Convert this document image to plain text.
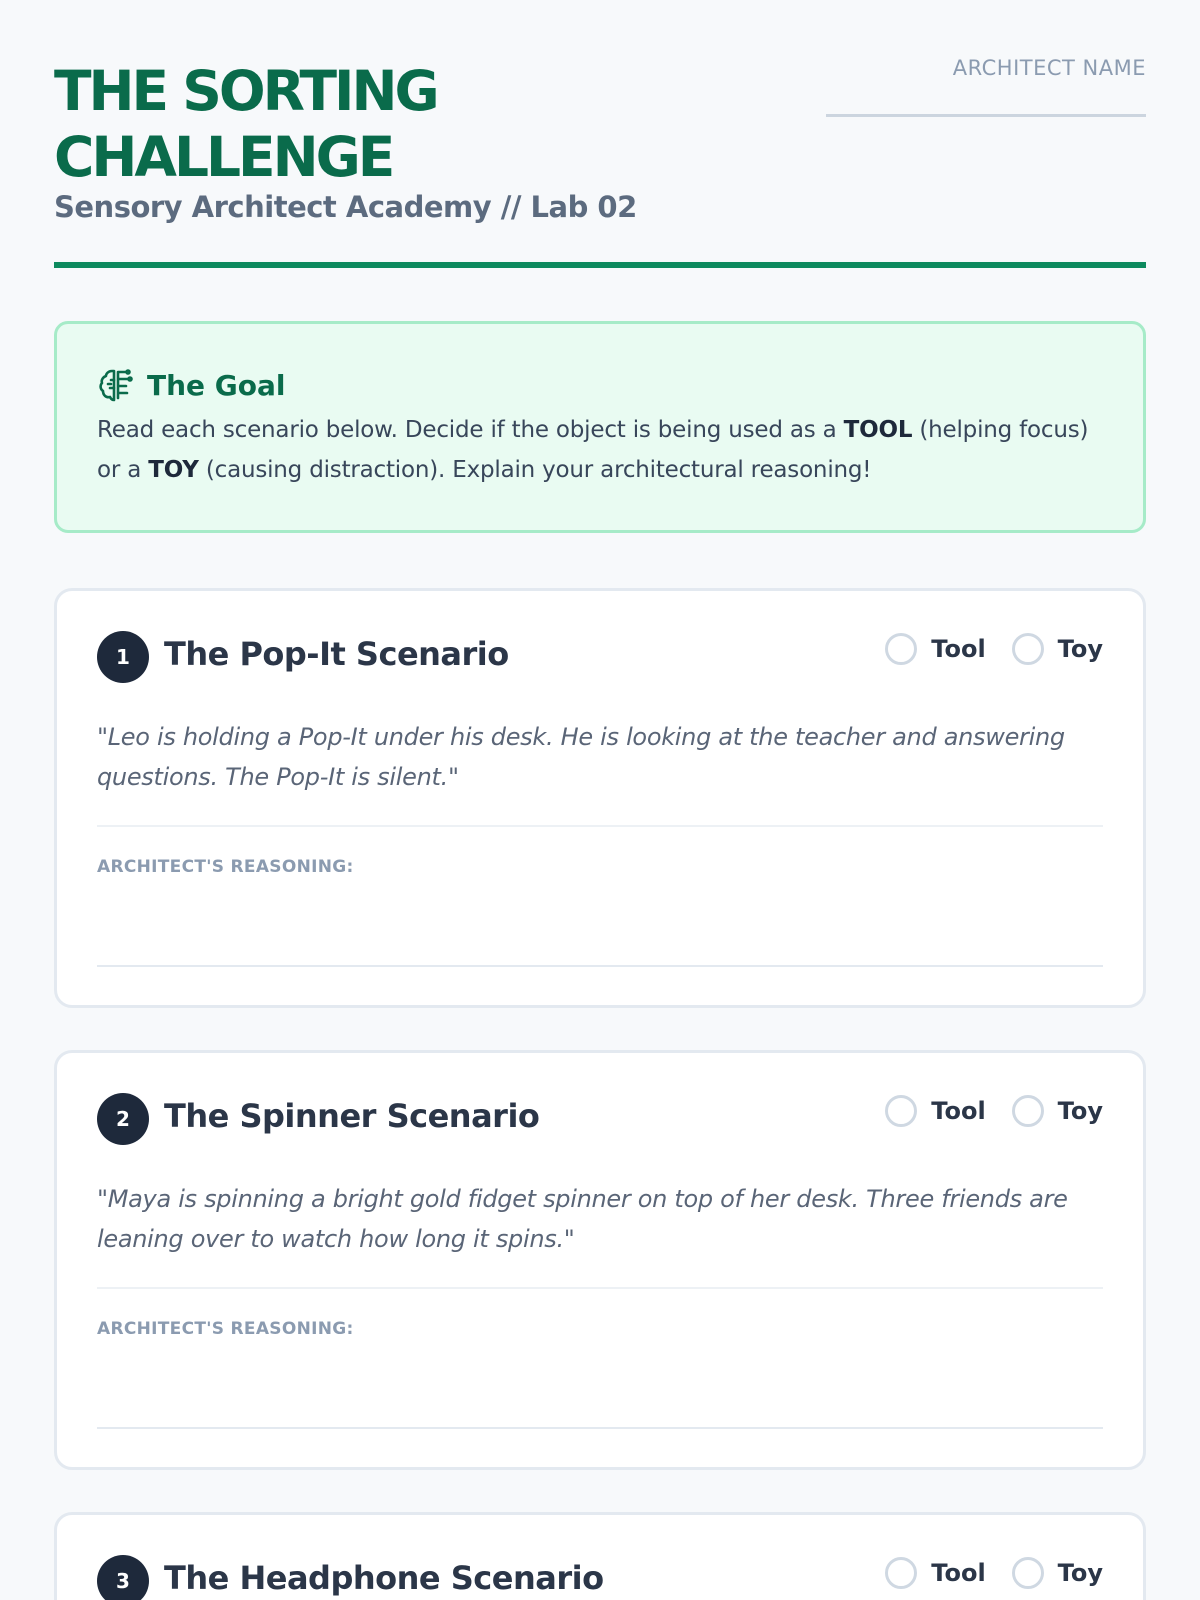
THE SORTING
CHALLENGE
Sensory Architect Academy // Lab 02
ARCHITECT NAME
The Goal
Read each scenario below. Decide if the object is being used as a TOOL (helping focus) or a TOY (causing distraction). Explain your architectural reasoning!
1	The Pop-It Scenario	Tool	Toy
"Leo is holding a Pop-It under his desk. He is looking at the teacher and answering questions. The Pop-It is silent."
ARCHITECT'S REASONING:
2	The Spinner Scenario	Tool	Toy
"Maya is spinning a bright gold fidget spinner on top of her desk. Three friends are leaning over to watch how long it spins."
ARCHITECT'S REASONING:
3	The Headphone Scenario	Tool	Toy
